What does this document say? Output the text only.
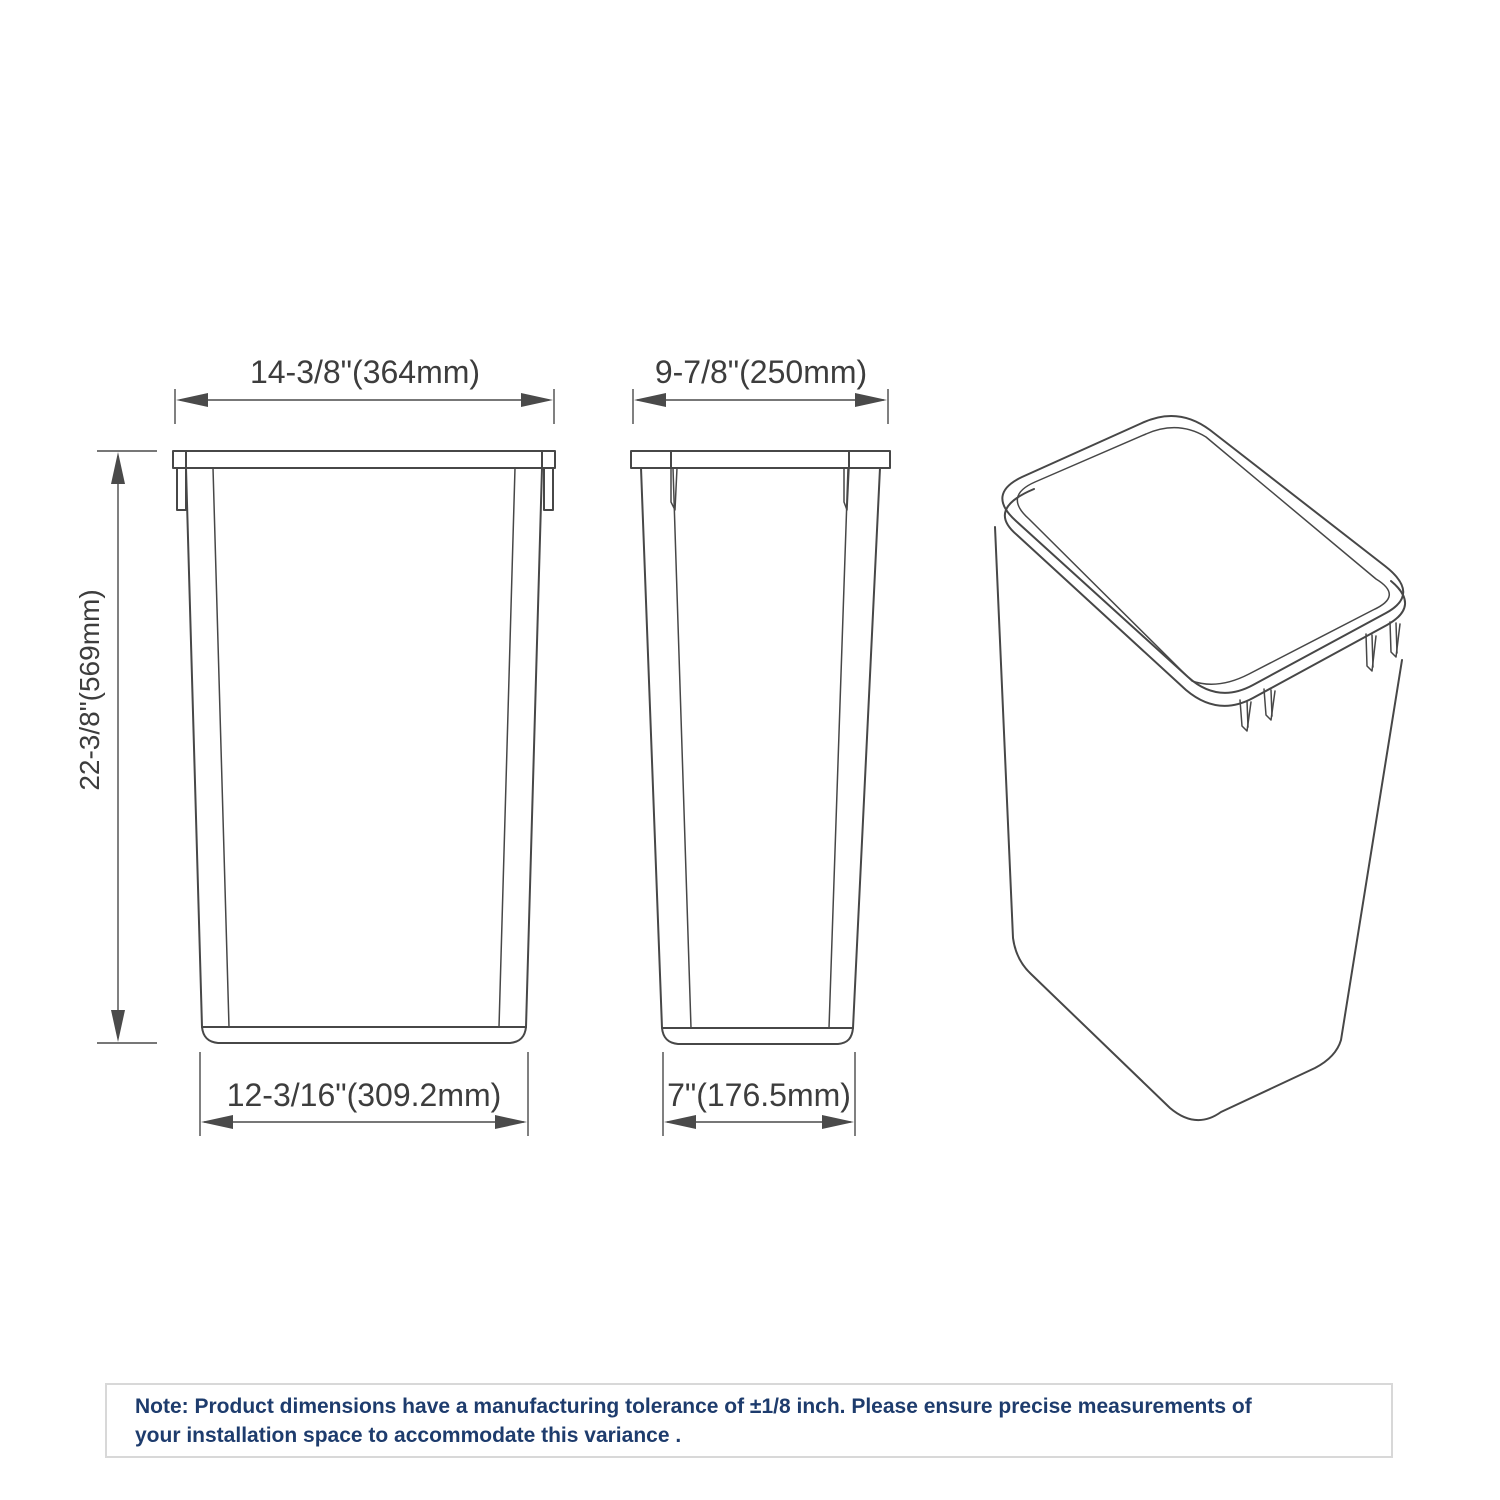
14-3/8"(364mm)	9-7/8"(250mm)
22-3/8"(569mm)
12-3/16"(309.2mm)	7"(176.5mm)
Note: Product dimensions have a manufacturing tolerance of ±1/8 inch. Please ensure precise measurements of
your installation space to accommodate this variance .
